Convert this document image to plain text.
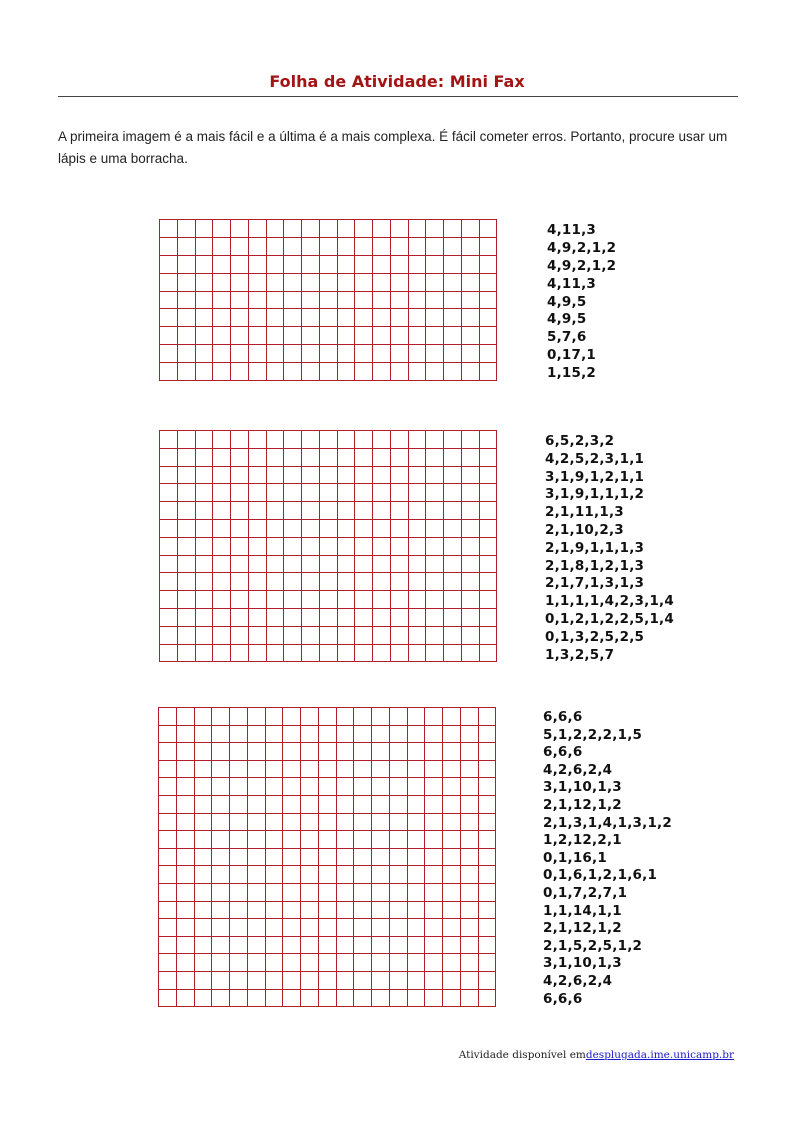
Folha de Atividade: Mini Fax

A primeira imagem é a mais fácil e a última é a mais complexa. É fácil cometer erros. Portanto, procure usar um lápis e uma borracha.

4,11,3
4,9,2,1,2
4,9,2,1,2
4,11,3
4,9,5
4,9,5
5,7,6
0,17,1
1,15,2

6,5,2,3,2
4,2,5,2,3,1,1
3,1,9,1,2,1,1
3,1,9,1,1,1,2
2,1,11,1,3
2,1,10,2,3
2,1,9,1,1,1,3
2,1,8,1,2,1,3
2,1,7,1,3,1,3
1,1,1,1,4,2,3,1,4
0,1,2,1,2,2,5,1,4
0,1,3,2,5,2,5
1,3,2,5,7

6,6,6
5,1,2,2,2,1,5
6,6,6
4,2,6,2,4
3,1,10,1,3
2,1,12,1,2
2,1,3,1,4,1,3,1,2
1,2,12,2,1
0,1,16,1
0,1,6,1,2,1,6,1
0,1,7,2,7,1
1,1,14,1,1
2,1,12,1,2
2,1,5,2,5,1,2
3,1,10,1,3
4,2,6,2,4
6,6,6
Atividade disponível emdesplugada.ime.unicamp.br
